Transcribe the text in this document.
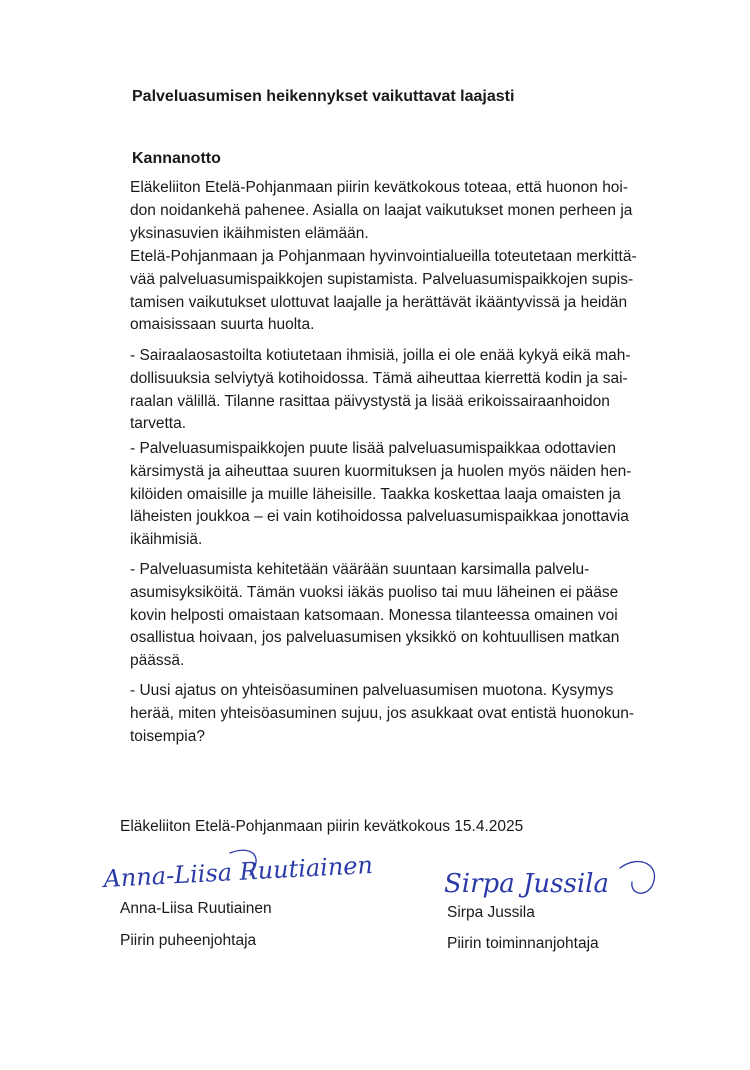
Palveluasumisen heikennykset vaikuttavat laajasti
Kannanotto

Eläkeliiton Etelä-Pohjanmaan piirin kevätkokous toteaa, että huonon hoi-
don noidankehä pahenee. Asialla on laajat vaikutukset monen perheen ja
yksinasuvien ikäihmisten elämään.

Etelä-Pohjanmaan ja Pohjanmaan hyvinvointialueilla toteutetaan merkittä-
vää palveluasumispaikkojen supistamista. Palveluasumispaikkojen supis-
tamisen vaikutukset ulottuvat laajalle ja herättävät ikääntyvissä ja heidän
omaisissaan suurta huolta.

- Sairaalaosastoilta kotiutetaan ihmisiä, joilla ei ole enää kykyä eikä mah-
dollisuuksia selviytyä kotihoidossa. Tämä aiheuttaa kierrettä kodin ja sai-
raalan välillä. Tilanne rasittaa päivystystä ja lisää erikoissairaanhoidon
tarvetta.

- Palveluasumispaikkojen puute lisää palveluasumispaikkaa odottavien
kärsimystä ja aiheuttaa suuren kuormituksen ja huolen myös näiden hen-
kilöiden omaisille ja muille läheisille. Taakka koskettaa laaja omaisten ja
läheisten joukkoa – ei vain kotihoidossa palveluasumispaikkaa jonottavia
ikäihmisiä.

- Palveluasumista kehitetään väärään suuntaan karsimalla palvelu-
asumisyksiköitä. Tämän vuoksi iäkäs puoliso tai muu läheinen ei pääse
kovin helposti omaistaan katsomaan. Monessa tilanteessa omainen voi
osallistua hoivaan, jos palveluasumisen yksikkö on kohtuullisen matkan
päässä.

- Uusi ajatus on yhteisöasuminen palveluasumisen muotona. Kysymys
herää, miten yhteisöasuminen sujuu, jos asukkaat ovat entistä huonokun-
toisempia?

Eläkeliiton Etelä-Pohjanmaan piirin kevätkokous 15.4.2025
Anna-Liisa Ruutiainen
Anna-Liisa Ruutiainen
Piirin puheenjohtaja
Sirpa Jussila
Sirpa Jussila
Piirin toiminnanjohtaja
